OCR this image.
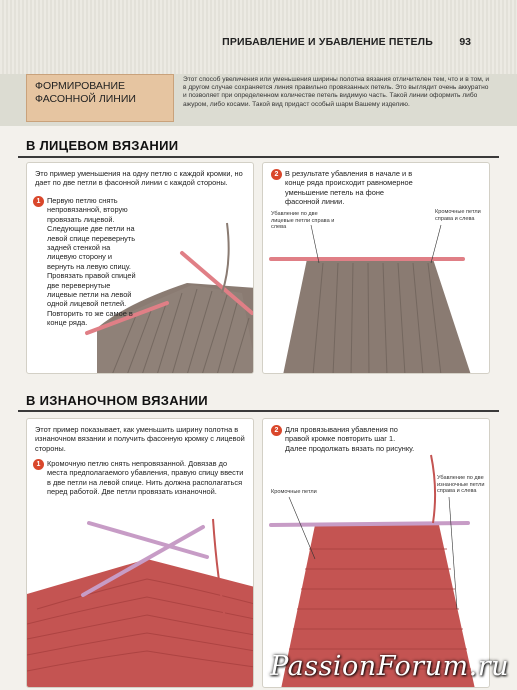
ПРИБАВЛЕНИЕ И УБАВЛЕНИЕ ПЕТЕЛЬ	93
ФОРМИРОВАНИЕ
ФАСОННОЙ ЛИНИИ
Этот способ увеличения или уменьшения ширины полотна вязания отличителен тем, что и в том, и в другом случае сохраняется линия правильно провязанных петель. Это выглядит очень аккуратно и позволяет при определенном количестве петель видимую часть. Такой линии оформить либо ажуром, либо косами. Такой вид придаст особый шарм Вашему изделию.
В ЛИЦЕВОМ ВЯЗАНИИ
Это пример уменьшения на одну петлю с каждой кромки, но дает по две петли в фасонной линии с каждой стороны.
1 Первую петлю снять непровязанной, вторую провязать лицевой. Следующие две петли на левой спице перевернуть задней стенкой на лицевую сторону и вернуть на левую спицу. Провязать правой спицей две перевернутые лицевые петли на левой одной лицевой петлей. Повторить то же самое в конце ряда.
2 В результате убавления в начале и в конце ряда происходит равномерное уменьшение петель на фоне фасонной линии.
Убавление по две лицевые петли справа и слева
Кромочные петли справа и слева
В ИЗНАНОЧНОМ ВЯЗАНИИ
Этот пример показывает, как уменьшить ширину полотна в изнаночном вязании и получить фасонную кромку с лицевой стороны.
1 Кромочную петлю снять непровязанной. Довязав до места предполагаемого убавления, правую спицу ввести в две петли на левой спице. Нить должна располагаться перед работой. Две петли провязать изнаночной.
2 Для провязывания убавления по правой кромке повторить шаг 1. Далее продолжать вязать по рисунку.
Кромочные петли
Убавление по две изнаночные петли справа и слева
PassionForum.ru
